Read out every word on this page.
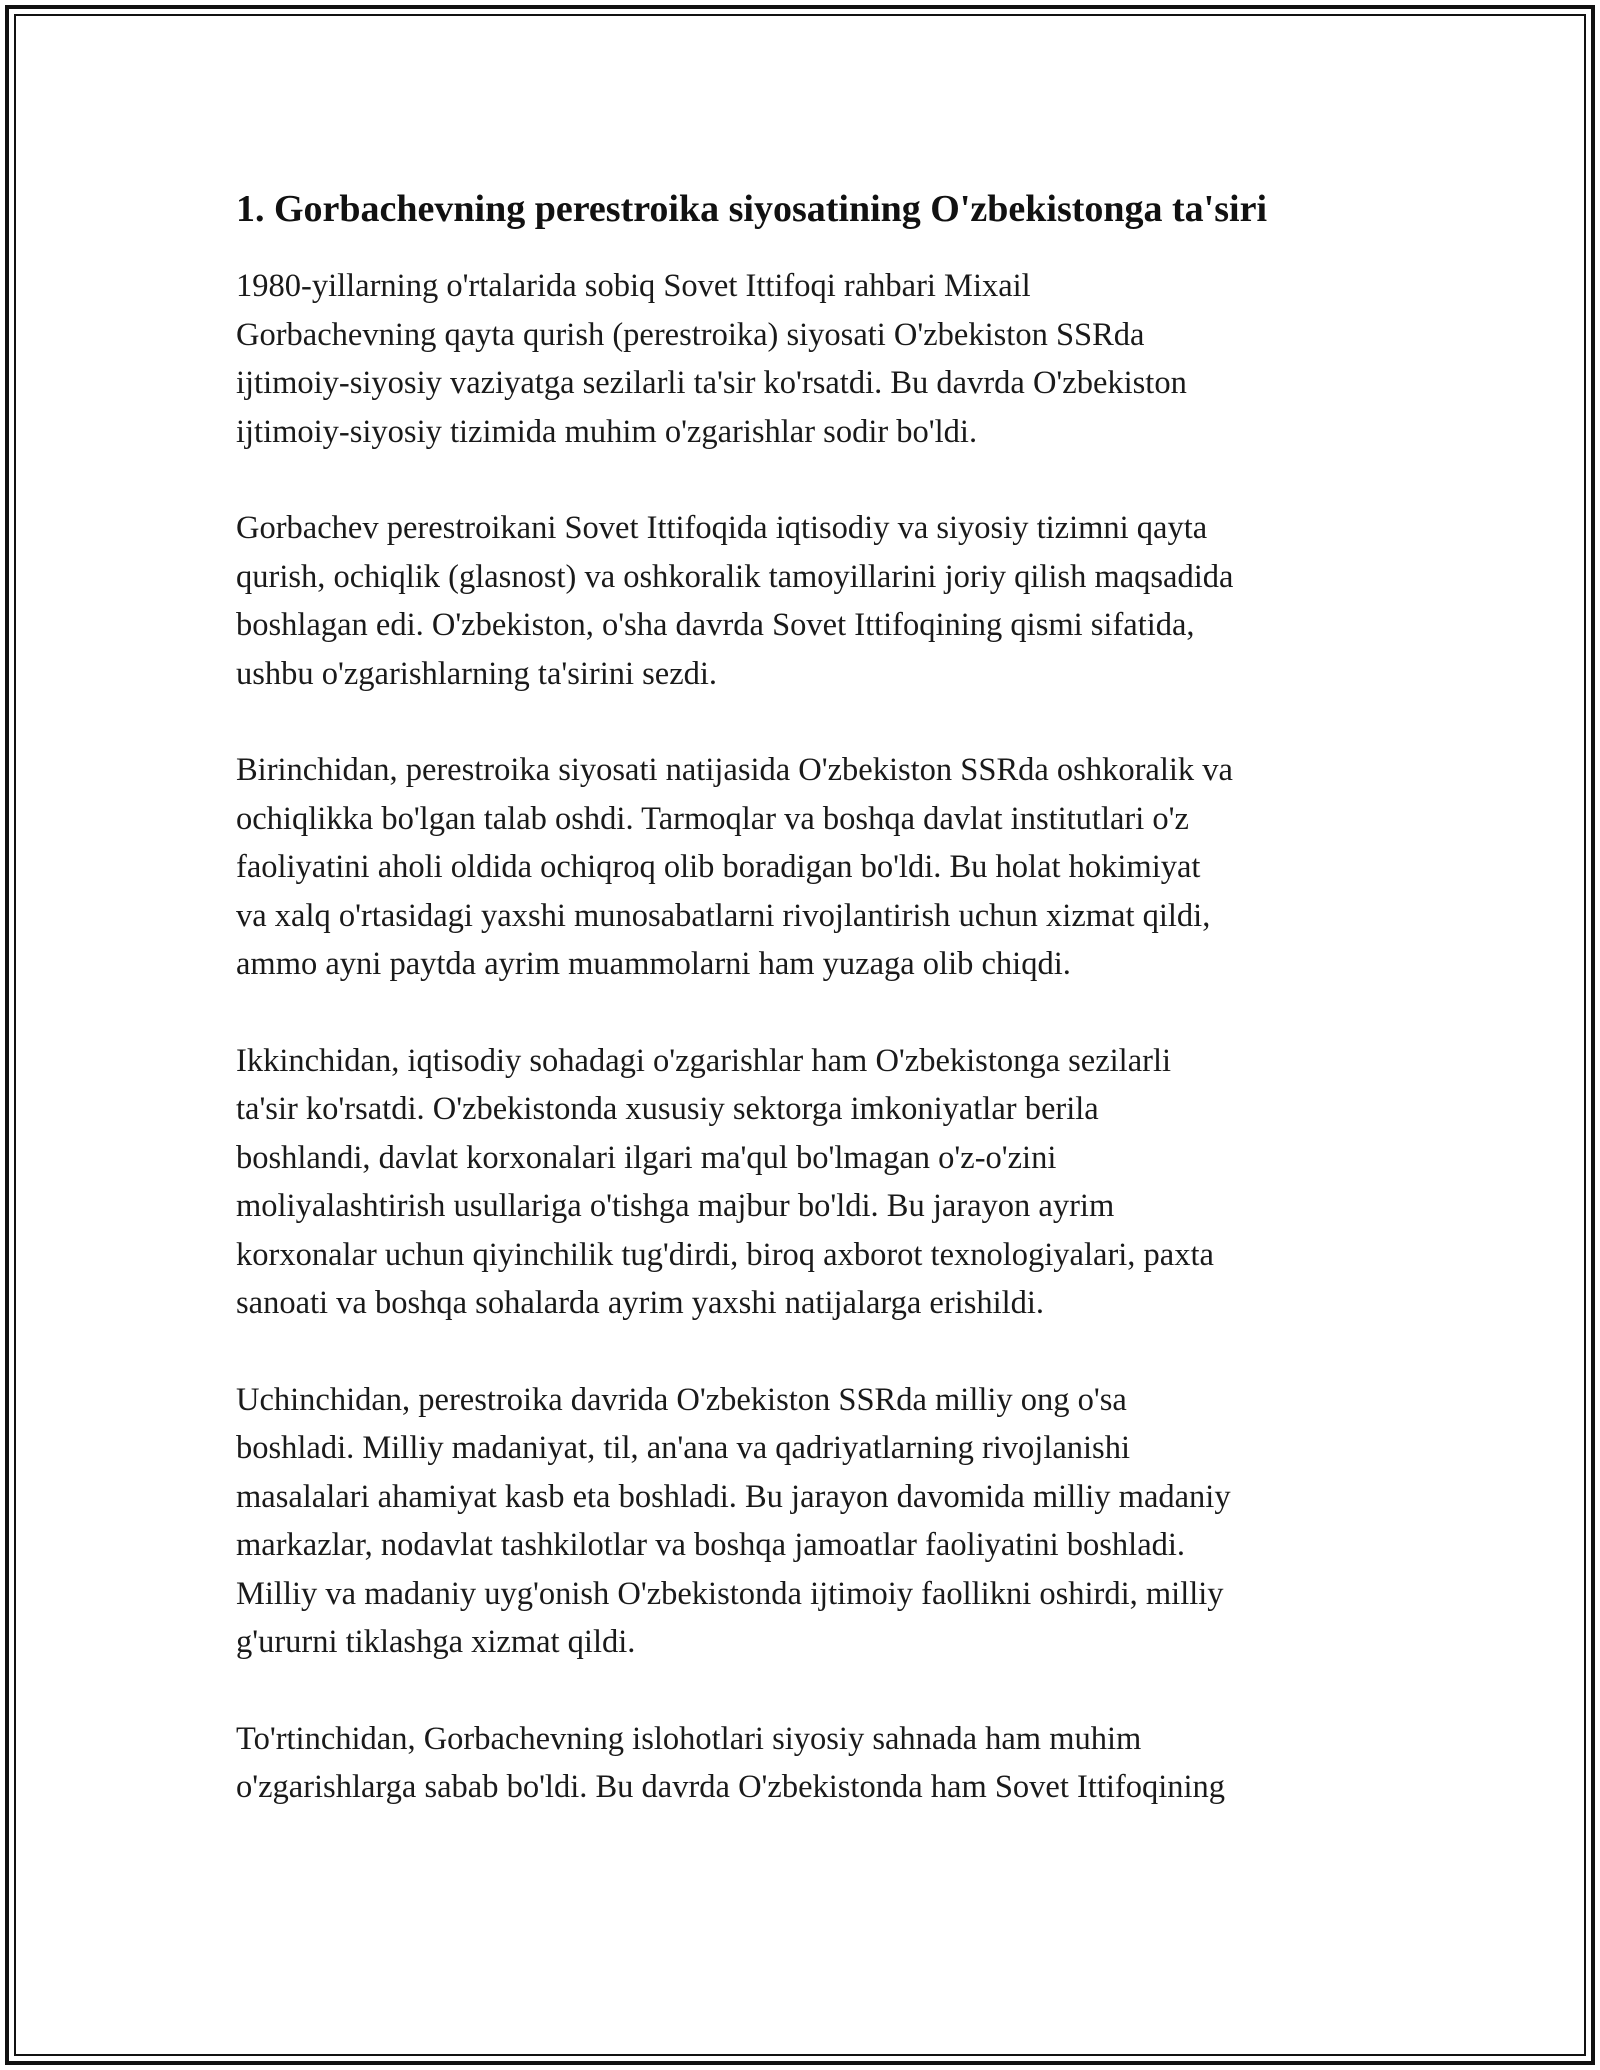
1. Gorbachevning perestroika siyosatining O'zbekistonga ta'siri

1980-yillarning o'rtalarida sobiq Sovet Ittifoqi rahbari Mixail
Gorbachevning qayta qurish (perestroika) siyosati O'zbekiston SSRda
ijtimoiy-siyosiy vaziyatga sezilarli ta'sir ko'rsatdi. Bu davrda O'zbekiston
ijtimoiy-siyosiy tizimida muhim o'zgarishlar sodir bo'ldi.

Gorbachev perestroikani Sovet Ittifoqida iqtisodiy va siyosiy tizimni qayta
qurish, ochiqlik (glasnost) va oshkoralik tamoyillarini joriy qilish maqsadida
boshlagan edi. O'zbekiston, o'sha davrda Sovet Ittifoqining qismi sifatida,
ushbu o'zgarishlarning ta'sirini sezdi.

Birinchidan, perestroika siyosati natijasida O'zbekiston SSRda oshkoralik va
ochiqlikka bo'lgan talab oshdi. Tarmoqlar va boshqa davlat institutlari o'z
faoliyatini aholi oldida ochiqroq olib boradigan bo'ldi. Bu holat hokimiyat
va xalq o'rtasidagi yaxshi munosabatlarni rivojlantirish uchun xizmat qildi,
ammo ayni paytda ayrim muammolarni ham yuzaga olib chiqdi.

Ikkinchidan, iqtisodiy sohadagi o'zgarishlar ham O'zbekistonga sezilarli
ta'sir ko'rsatdi. O'zbekistonda xususiy sektorga imkoniyatlar berila
boshlandi, davlat korxonalari ilgari ma'qul bo'lmagan o'z-o'zini
moliyalashtirish usullariga o'tishga majbur bo'ldi. Bu jarayon ayrim
korxonalar uchun qiyinchilik tug'dirdi, biroq axborot texnologiyalari, paxta
sanoati va boshqa sohalarda ayrim yaxshi natijalarga erishildi.

Uchinchidan, perestroika davrida O'zbekiston SSRda milliy ong o'sa
boshladi. Milliy madaniyat, til, an'ana va qadriyatlarning rivojlanishi
masalalari ahamiyat kasb eta boshladi. Bu jarayon davomida milliy madaniy
markazlar, nodavlat tashkilotlar va boshqa jamoatlar faoliyatini boshladi.
Milliy va madaniy uyg'onish O'zbekistonda ijtimoiy faollikni oshirdi, milliy
g'ururni tiklashga xizmat qildi.

To'rtinchidan, Gorbachevning islohotlari siyosiy sahnada ham muhim
o'zgarishlarga sabab bo'ldi. Bu davrda O'zbekistonda ham Sovet Ittifoqining
